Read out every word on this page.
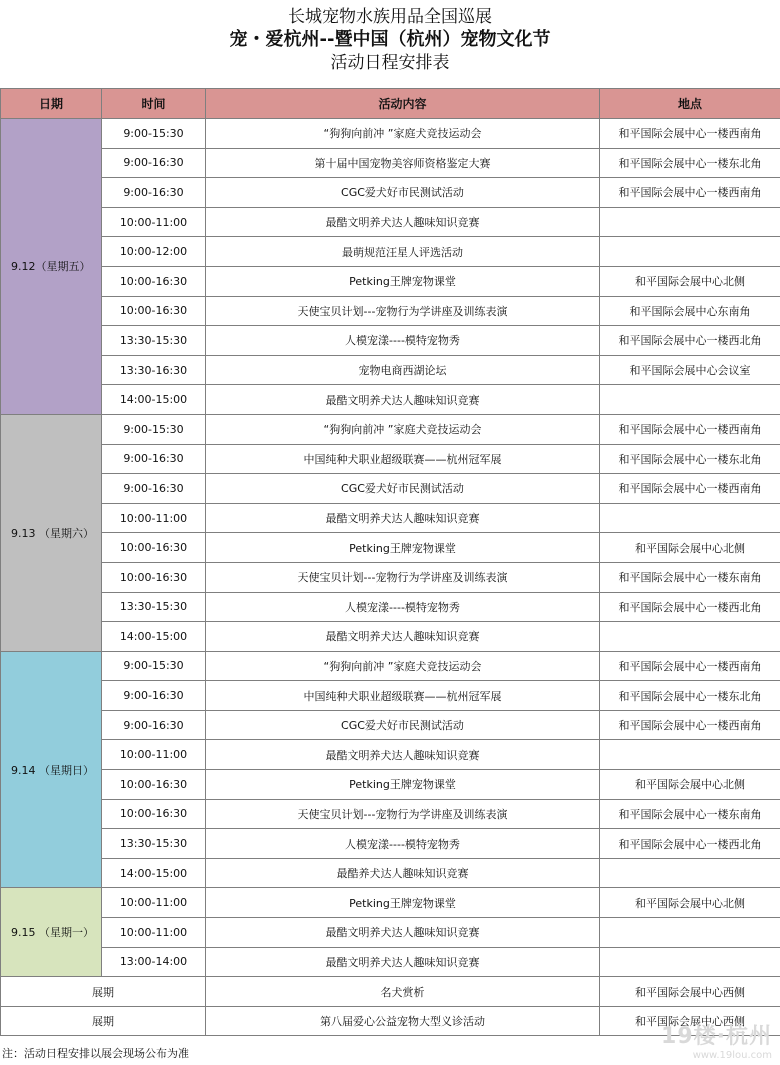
长城宠物水族用品全国巡展
宠・爱杭州--暨中国（杭州）宠物文化节
活动日程安排表
日期	时间	活动内容	地点
9.12（星期五）	9:00-15:30	“狗狗向前冲 ”家庭犬竞技运动会	和平国际会展中心一楼西南角
	9:00-16:30	第十届中国宠物美容师资格鉴定大赛	和平国际会展中心一楼东北角
	9:00-16:30	CGC爱犬好市民测试活动	和平国际会展中心一楼西南角
	10:00-11:00	最酷文明养犬达人趣味知识竞赛	
	10:00-12:00	最萌规范汪星人评选活动	
	10:00-16:30	Petking王牌宠物课堂	和平国际会展中心北侧
	10:00-16:30	天使宝贝计划---宠物行为学讲座及训练表演	和平国际会展中心东南角
	13:30-15:30	人模宠漾----模特宠物秀	和平国际会展中心一楼西北角
	13:30-16:30	宠物电商西湖论坛	和平国际会展中心会议室
	14:00-15:00	最酷文明养犬达人趣味知识竞赛	
9.13 （星期六）	9:00-15:30	“狗狗向前冲 ”家庭犬竞技运动会	和平国际会展中心一楼西南角
	9:00-16:30	中国纯种犬职业超级联赛——杭州冠军展	和平国际会展中心一楼东北角
	9:00-16:30	CGC爱犬好市民测试活动	和平国际会展中心一楼西南角
	10:00-11:00	最酷文明养犬达人趣味知识竞赛	
	10:00-16:30	Petking王牌宠物课堂	和平国际会展中心北侧
	10:00-16:30	天使宝贝计划---宠物行为学讲座及训练表演	和平国际会展中心一楼东南角
	13:30-15:30	人模宠漾----模特宠物秀	和平国际会展中心一楼西北角
	14:00-15:00	最酷文明养犬达人趣味知识竞赛	
9.14 （星期日）	9:00-15:30	“狗狗向前冲 ”家庭犬竞技运动会	和平国际会展中心一楼西南角
	9:00-16:30	中国纯种犬职业超级联赛——杭州冠军展	和平国际会展中心一楼东北角
	9:00-16:30	CGC爱犬好市民测试活动	和平国际会展中心一楼西南角
	10:00-11:00	最酷文明养犬达人趣味知识竞赛	
	10:00-16:30	Petking王牌宠物课堂	和平国际会展中心北侧
	10:00-16:30	天使宝贝计划---宠物行为学讲座及训练表演	和平国际会展中心一楼东南角
	13:30-15:30	人模宠漾----模特宠物秀	和平国际会展中心一楼西北角
	14:00-15:00	最酷养犬达人趣味知识竞赛	
9.15 （星期一）	10:00-11:00	Petking王牌宠物课堂	和平国际会展中心北侧
	10:00-11:00	最酷文明养犬达人趣味知识竞赛	
	13:00-14:00	最酷文明养犬达人趣味知识竞赛	
展期		名犬赏析	和平国际会展中心西侧
展期		第八届爱心公益宠物大型义诊活动	和平国际会展中心西侧
注：活动日程安排以展会现场公布为准
19楼·杭州
www.19lou.com
